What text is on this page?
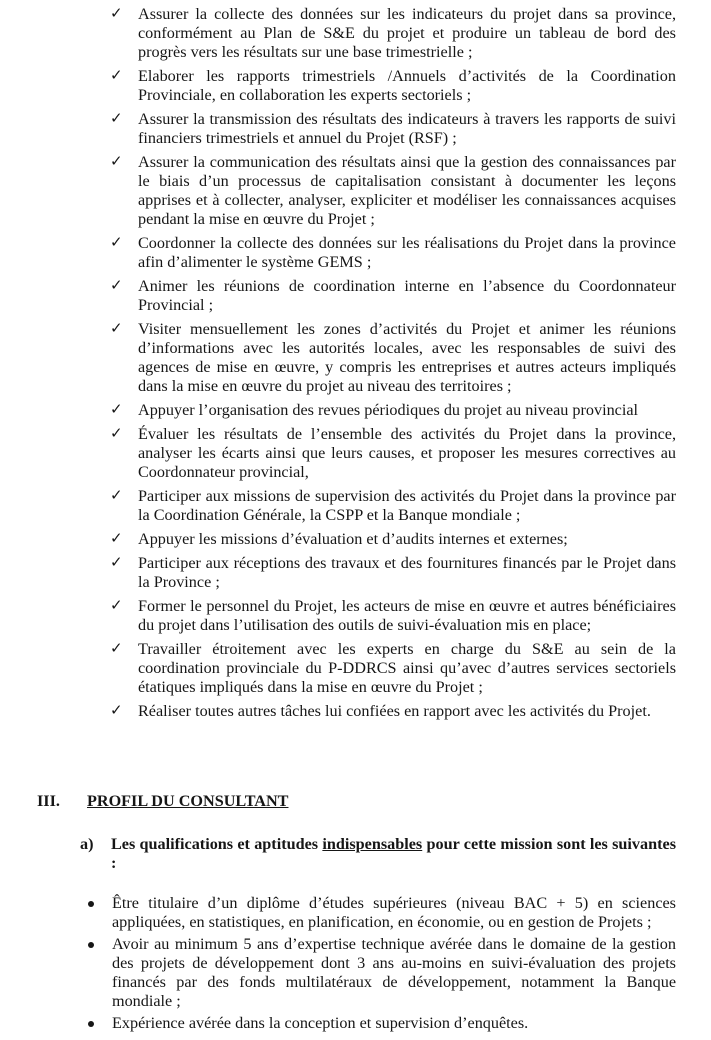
✓ Assurer la collecte des données sur les indicateurs du projet dans sa province, conformément au Plan de S&E du projet et produire un tableau de bord des progrès vers les résultats sur une base trimestrielle ;
✓ Elaborer les rapports trimestriels /Annuels d’activités de la Coordination Provinciale, en collaboration les experts sectoriels ;
✓ Assurer la transmission des résultats des indicateurs à travers les rapports de suivi financiers trimestriels et annuel du Projet (RSF) ;
✓ Assurer la communication des résultats ainsi que la gestion des connaissances par le biais d’un processus de capitalisation consistant à documenter les leçons apprises et à collecter, analyser, expliciter et modéliser les connaissances acquises pendant la mise en œuvre du Projet ;
✓ Coordonner la collecte des données sur les réalisations du Projet dans la province afin d’alimenter le système GEMS ;
✓ Animer les réunions de coordination interne en l’absence du Coordonnateur Provincial ;
✓ Visiter mensuellement les zones d’activités du Projet et animer les réunions d’informations avec les autorités locales, avec les responsables de suivi des agences de mise en œuvre, y compris les entreprises et autres acteurs impliqués dans la mise en œuvre du projet au niveau des territoires ;
✓ Appuyer l’organisation des revues périodiques du projet au niveau provincial
✓ Évaluer les résultats de l’ensemble des activités du Projet dans la province, analyser les écarts ainsi que leurs causes, et proposer les mesures correctives au Coordonnateur provincial,
✓ Participer aux missions de supervision des activités du Projet dans la province par la Coordination Générale, la CSPP et la Banque mondiale ;
✓ Appuyer les missions d’évaluation et d’audits internes et externes;
✓ Participer aux réceptions des travaux et des fournitures financés par le Projet dans la Province ;
✓ Former le personnel du Projet, les acteurs de mise en œuvre et autres bénéficiaires du projet dans l’utilisation des outils de suivi-évaluation mis en place;
✓ Travailler étroitement avec les experts en charge du S&E au sein de la coordination provinciale du P-DDRCS ainsi qu’avec d’autres services sectoriels étatiques impliqués dans la mise en œuvre du Projet ;
✓ Réaliser toutes autres tâches lui confiées en rapport avec les activités du Projet.
III. PROFIL DU CONSULTANT
a) Les qualifications et aptitudes indispensables pour cette mission sont les suivantes :
Être titulaire d’un diplôme d’études supérieures (niveau BAC + 5) en sciences appliquées, en statistiques, en planification, en économie, ou en gestion de Projets ;
Avoir au minimum 5 ans d’expertise technique avérée dans le domaine de la gestion des projets de développement dont 3 ans au-moins en suivi-évaluation des projets financés par des fonds multilatéraux de développement, notamment la Banque mondiale ;
Expérience avérée dans la conception et supervision d’enquêtes.
